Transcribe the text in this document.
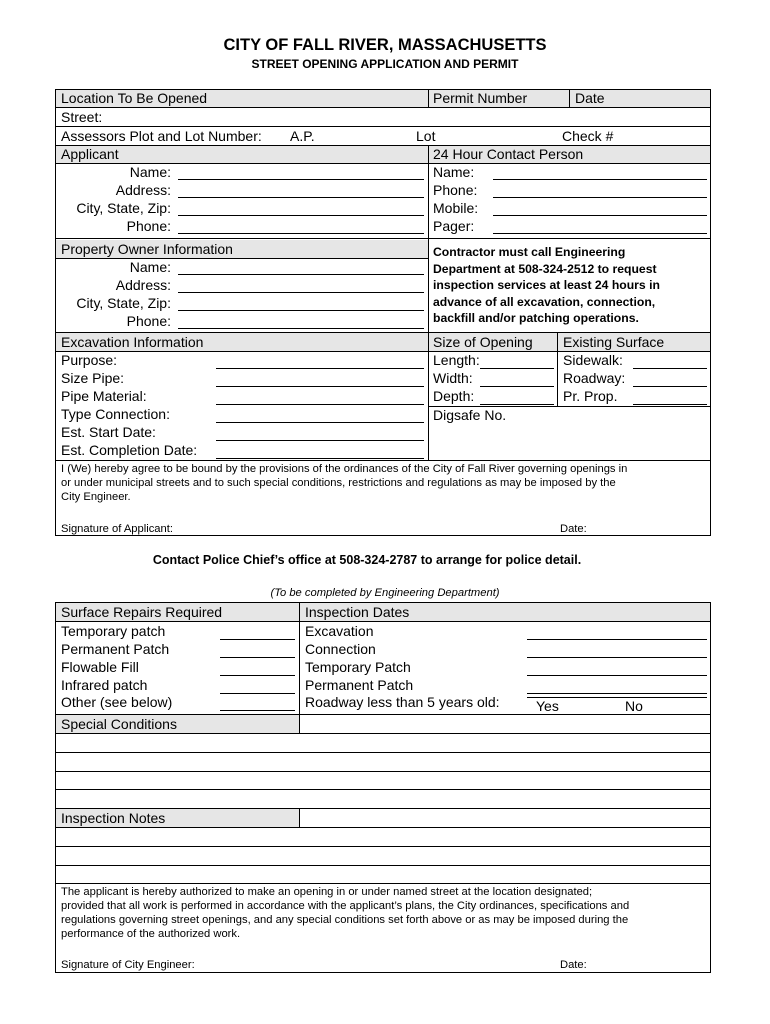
CITY OF FALL RIVER, MASSACHUSETTS
STREET OPENING APPLICATION AND PERMIT
Location To Be Opened	Permit Number	Date
Street:
Assessors Plot and Lot Number: A.P.	Lot	Check #
Applicant	24 Hour Contact Person
Name:
Address:
City, State, Zip:
Phone:
Name:
Phone:
Mobile:
Pager:
Property Owner Information
Name:
Address:
City, State, Zip:
Phone:
Contractor must call Engineering
Department at 508-324-2512 to request
inspection services at least 24 hours in
advance of all excavation, connection,
backfill and/or patching operations.
Excavation Information	Size of Opening Existing Surface
Purpose:
Size Pipe:
Pipe Material:
Type Connection:
Est. Start Date:
Est. Completion Date:
Length:
Width:
Depth:
Digsafe No.
Sidewalk:
Roadway:
Pr. Prop.
I (We) hereby agree to be bound by the provisions of the ordinances of the City of Fall River governing openings in
or under municipal streets and to such special conditions, restrictions and regulations as may be imposed by the
City Engineer.
Signature of Applicant:	Date:
Contact Police Chief’s office at 508-324-2787 to arrange for police detail.
(To be completed by Engineering Department)
Surface Repairs Required	Inspection Dates
Temporary patch
Permanent Patch
Flowable Fill
Infrared patch
Other (see below)
Excavation
Connection
Temporary Patch
Permanent Patch
Roadway less than 5 years old:	Yes	No
Special Conditions
Inspection Notes
The applicant is hereby authorized to make an opening in or under named street at the location designated;
provided that all work is performed in accordance with the applicant’s plans, the City ordinances, specifications and
regulations governing street openings, and any special conditions set forth above or as may be imposed during the
performance of the authorized work.
Signature of City Engineer:	Date:
